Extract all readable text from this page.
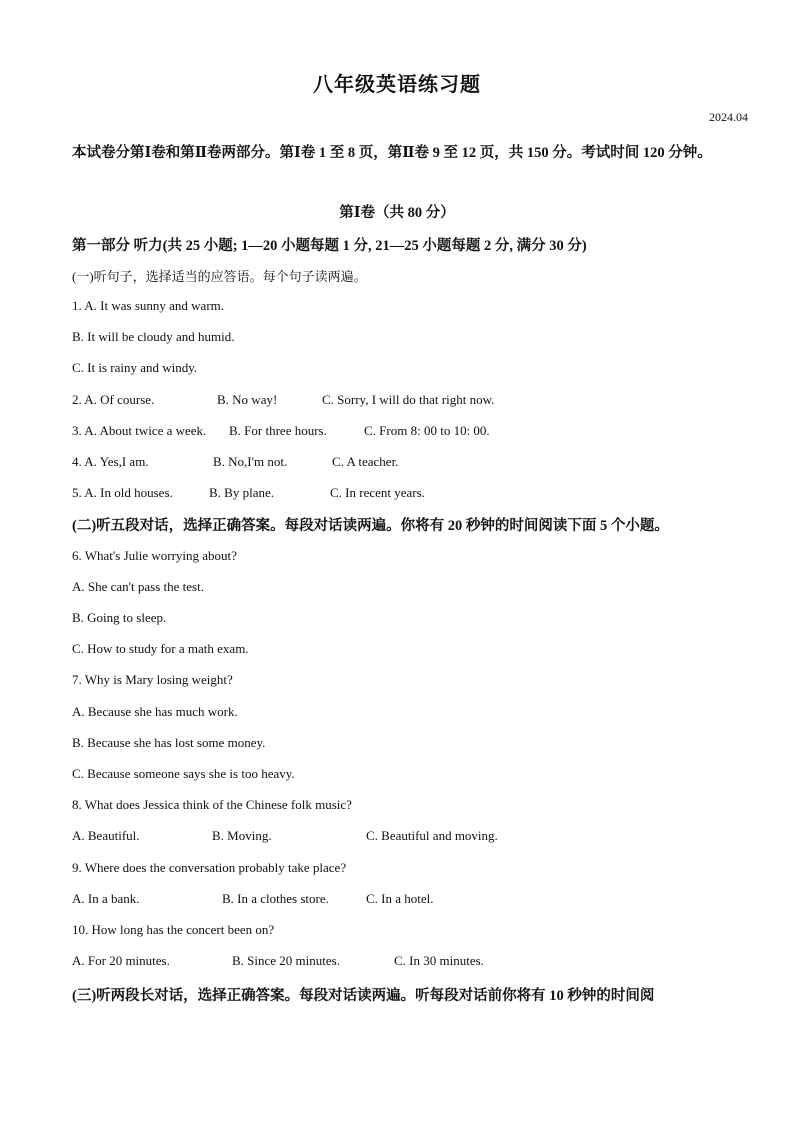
八年级英语练习题
2024.04
本试卷分第Ⅰ卷和第Ⅱ卷两部分。第Ⅰ卷 1 至 8 页，第Ⅱ卷 9 至 12 页，共 150 分。考试时间 120 分钟。
第Ⅰ卷（共 80 分）
第一部分 听力(共 25 小题; 1—20 小题每题 1 分, 21—25 小题每题 2 分, 满分 30 分)
(一)听句子，选择适当的应答语。每个句子读两遍。
1. A. It was sunny and warm.
B. It will be cloudy and humid.
C. It is rainy and windy.
2. A. Of course.	B. No way!	C. Sorry, I will do that right now.
3. A. About twice a week. B. For three hours.	C. From 8: 00 to 10: 00.
4. A. Yes,I am.	B. No,I'm not.	C. A teacher.
5. A. In old houses.	B. By plane.	C. In recent years.
(二)听五段对话，选择正确答案。每段对话读两遍。你将有 20 秒钟的时间阅读下面 5 个小题。
6. What's Julie worrying about?
A. She can't pass the test.
B. Going to sleep.
C. How to study for a math exam.
7. Why is Mary losing weight?
A. Because she has much work.
B. Because she has lost some money.
C. Because someone says she is too heavy.
8. What does Jessica think of the Chinese folk music?
A. Beautiful.	B. Moving.	C. Beautiful and moving.
9. Where does the conversation probably take place?
A. In a bank.	B. In a clothes store.	C. In a hotel.
10. How long has the concert been on?
A. For 20 minutes.	B. Since 20 minutes.	C. In 30 minutes.
(三)听两段长对话，选择正确答案。每段对话读两遍。听每段对话前你将有 10 秒钟的时间阅
